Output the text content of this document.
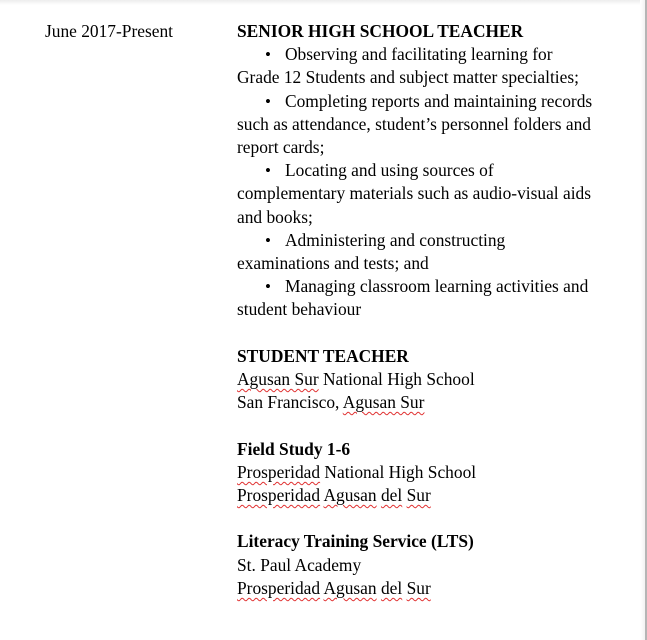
June 2017-Present	SENIOR HIGH SCHOOL TEACHER
•Observing and facilitating learning for Grade 12 Students and subject matter specialties;
•Completing reports and maintaining records such as attendance, student’s personnel folders and report cards;
•Locating and using sources of complementary materials such as audio-visual aids and books;
•Administering and constructing examinations and tests; and
•Managing classroom learning activities and student behaviour
STUDENT TEACHER
Agusan Sur National High School
San Francisco, Agusan Sur
Field Study 1-6
Prosperidad National High School
Prosperidad Agusan del Sur
Literacy Training Service (LTS)
St. Paul Academy
Prosperidad Agusan del Sur
